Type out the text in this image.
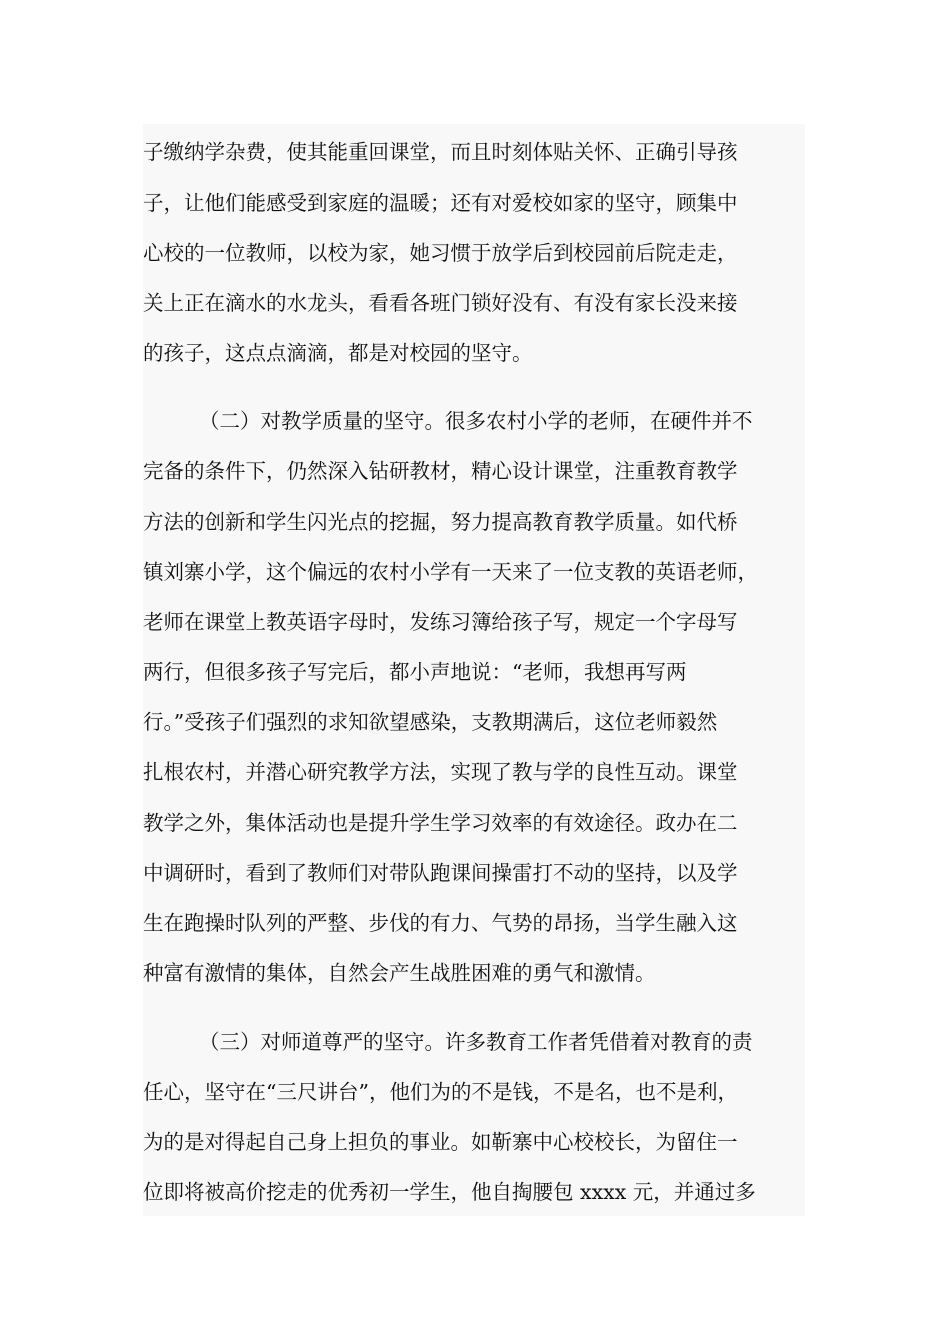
子缴纳学杂费，使其能重回课堂，而且时刻体贴关怀、正确引导孩
子，让他们能感受到家庭的温暖；还有对爱校如家的坚守，顾集中
心校的一位教师，以校为家，她习惯于放学后到校园前后院走走，
关上正在滴水的水龙头，看看各班门锁好没有、有没有家长没来接
的孩子，这点点滴滴，都是对校园的坚守。
（二）对教学质量的坚守。很多农村小学的老师，在硬件并不
完备的条件下，仍然深入钻研教材，精心设计课堂，注重教育教学
方法的创新和学生闪光点的挖掘，努力提高教育教学质量。如代桥
镇刘寨小学，这个偏远的农村小学有一天来了一位支教的英语老师，
老师在课堂上教英语字母时，发练习簿给孩子写，规定一个字母写
两行，但很多孩子写完后，都小声地说：“老师，我想再写两
行。”受孩子们强烈的求知欲望感染，支教期满后，这位老师毅然
扎根农村，并潜心研究教学方法，实现了教与学的良性互动。课堂
教学之外，集体活动也是提升学生学习效率的有效途径。政办在二
中调研时，看到了教师们对带队跑课间操雷打不动的坚持，以及学
生在跑操时队列的严整、步伐的有力、气势的昂扬，当学生融入这
种富有激情的集体，自然会产生战胜困难的勇气和激情。
（三）对师道尊严的坚守。许多教育工作者凭借着对教育的责
任心，坚守在“三尺讲台”，他们为的不是钱，不是名，也不是利，
为的是对得起自己身上担负的事业。如靳寨中心校校长，为留住一
位即将被高价挖走的优秀初一学生，他自掏腰包 xxxx 元，并通过多
